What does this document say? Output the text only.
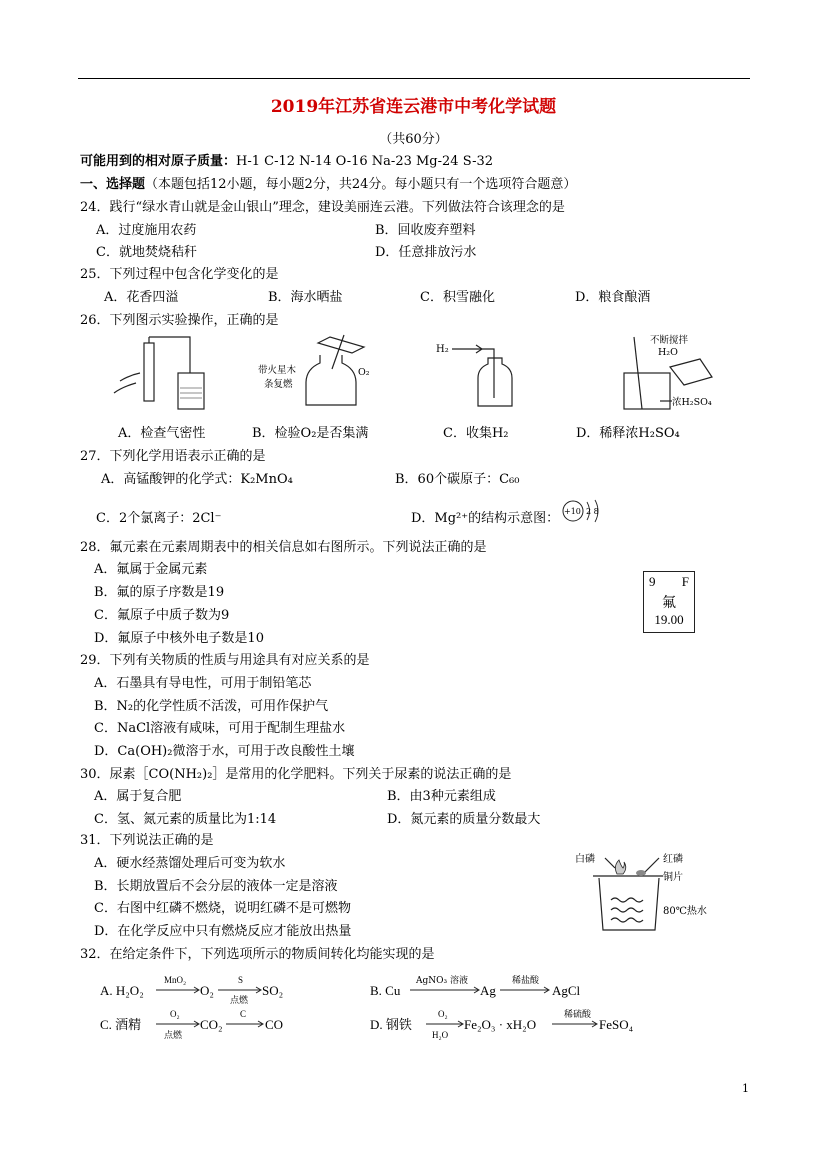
2019年江苏省连云港市中考化学试题
（共60分）
可能用到的相对原子质量：H-1 C-12 N-14 O-16 Na-23 Mg-24 S-32
一、选择题（本题包括12小题，每小题2分，共24分。每小题只有一个选项符合题意）
24．践行“绿水青山就是金山银山”理念，建设美丽连云港。下列做法符合该理念的是
A．过度施用农药	B．回收废弃塑料
C．就地焚烧秸秆	D．任意排放污水
25．下列过程中包含化学变化的是
A．花香四溢	B．海水晒盐	C．积雪融化	D．粮食酿酒
26．下列图示实验操作，正确的是
带火星木
条复燃
O₂
H₂
不断搅拌
H₂O
浓H₂SO₄
A．检查气密性	B．检验O₂是否集满	C．收集H₂	D．稀释浓H₂SO₄
27．下列化学用语表示正确的是
A．高锰酸钾的化学式：K₂MnO₄	B．60个碳原子：C₆₀
C．2个氯离子：2Cl⁻	D．Mg²⁺的结构示意图： +10 2 8
28．氟元素在元素周期表中的相关信息如右图所示。下列说法正确的是
A．氟属于金属元素
B．氟的原子序数是19
C．氟原子中质子数为9
D．氟原子中核外电子数是10
9 F
氟
19.00
29．下列有关物质的性质与用途具有对应关系的是
A．石墨具有导电性，可用于制铅笔芯
B．N₂的化学性质不活泼，可用作保护气
C．NaCl溶液有咸味，可用于配制生理盐水
D．Ca(OH)₂微溶于水，可用于改良酸性土壤
30．尿素［CO(NH₂)₂］是常用的化学肥料。下列关于尿素的说法正确的是
A．属于复合肥	B．由3种元素组成
C．氢、氮元素的质量比为1:14	D．氮元素的质量分数最大
31．下列说法正确的是
A．硬水经蒸馏处理后可变为软水
B．长期放置后不会分层的液体一定是溶液
C．右图中红磷不燃烧，说明红磷不是可燃物
D．在化学反应中只有燃烧反应才能放出热量
白磷	红磷
铜片
80℃热水
32．在给定条件下，下列选项所示的物质间转化均能实现的是
A. H₂O₂
MnO₂
O₂
S
点燃
SO₂	B. Cu
AgNO₃ 溶液
Ag
稀盐酸
AgCl
C. 酒精
O₂
点燃
CO₂
C
CO	D. 钢铁
O₂
H₂O
Fe₂O₃ · xH₂O
稀硫酸
FeSO₄
1
